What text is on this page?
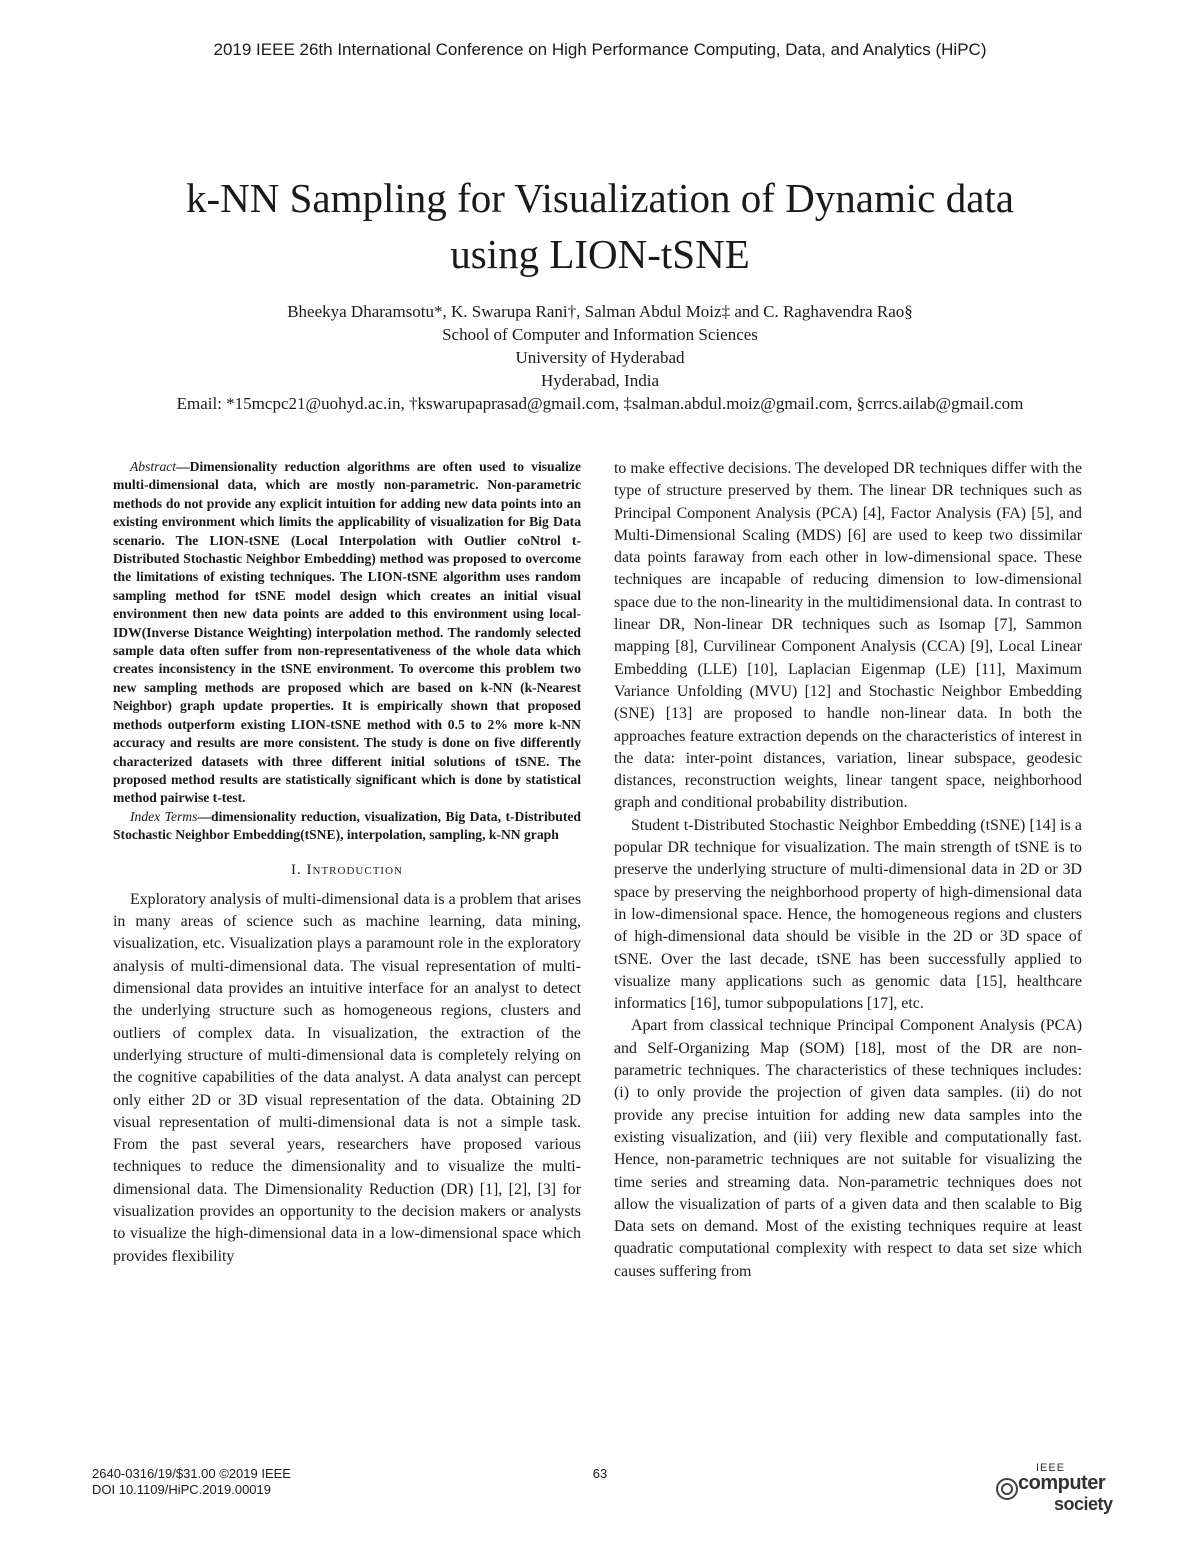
2019 IEEE 26th International Conference on High Performance Computing, Data, and Analytics (HiPC)
k-NN Sampling for Visualization of Dynamic data
using LION-tSNE

Bheekya Dharamsotu*, K. Swarupa Rani†, Salman Abdul Moiz‡ and C. Raghavendra Rao§

School of Computer and Information Sciences

University of Hyderabad

Hyderabad, India

Email: *15mcpc21@uohyd.ac.in, †kswarupaprasad@gmail.com, ‡salman.abdul.moiz@gmail.com, §crrcs.ailab@gmail.com

Abstract—Dimensionality reduction algorithms are often used to visualize multi-dimensional data, which are mostly non-parametric. Non-parametric methods do not provide any explicit intuition for adding new data points into an existing environment which limits the applicability of visualization for Big Data scenario. The LION-tSNE (Local Interpolation with Outlier coNtrol t-Distributed Stochastic Neighbor Embedding) method was proposed to overcome the limitations of existing techniques. The LION-tSNE algorithm uses random sampling method for tSNE model design which creates an initial visual environment then new data points are added to this environment using local-IDW(Inverse Distance Weighting) interpolation method. The randomly selected sample data often suffer from non-representativeness of the whole data which creates inconsistency in the tSNE environment. To overcome this problem two new sampling methods are proposed which are based on k-NN (k-Nearest Neighbor) graph update properties. It is empirically shown that proposed methods outperform existing LION-tSNE method with 0.5 to 2% more k-NN accuracy and results are more consistent. The study is done on five differently characterized datasets with three different initial solutions of tSNE. The proposed method results are statistically significant which is done by statistical method pairwise t-test.

Index Terms—dimensionality reduction, visualization, Big Data, t-Distributed Stochastic Neighbor Embedding(tSNE), interpolation, sampling, k-NN graph

I. Introduction

Exploratory analysis of multi-dimensional data is a problem that arises in many areas of science such as machine learning, data mining, visualization, etc. Visualization plays a paramount role in the exploratory analysis of multi-dimensional data. The visual representation of multi-dimensional data provides an intuitive interface for an analyst to detect the underlying structure such as homogeneous regions, clusters and outliers of complex data. In visualization, the extraction of the underlying structure of multi-dimensional data is completely relying on the cognitive capabilities of the data analyst. A data analyst can percept only either 2D or 3D visual representation of the data. Obtaining 2D visual representation of multi-dimensional data is not a simple task. From the past several years, researchers have proposed various techniques to reduce the dimensionality and to visualize the multi-dimensional data. The Dimensionality Reduction (DR) [1], [2], [3] for visualization provides an opportunity to the decision makers or analysts to visualize the high-dimensional data in a low-dimensional space which provides flexibility

to make effective decisions. The developed DR techniques differ with the type of structure preserved by them. The linear DR techniques such as Principal Component Analysis (PCA) [4], Factor Analysis (FA) [5], and Multi-Dimensional Scaling (MDS) [6] are used to keep two dissimilar data points faraway from each other in low-dimensional space. These techniques are incapable of reducing dimension to low-dimensional space due to the non-linearity in the multidimensional data. In contrast to linear DR, Non-linear DR techniques such as Isomap [7], Sammon mapping [8], Curvilinear Component Analysis (CCA) [9], Local Linear Embedding (LLE) [10], Laplacian Eigenmap (LE) [11], Maximum Variance Unfolding (MVU) [12] and Stochastic Neighbor Embedding (SNE) [13] are proposed to handle non-linear data. In both the approaches feature extraction depends on the characteristics of interest in the data: inter-point distances, variation, linear subspace, geodesic distances, reconstruction weights, linear tangent space, neighborhood graph and conditional probability distribution.

Student t-Distributed Stochastic Neighbor Embedding (tSNE) [14] is a popular DR technique for visualization. The main strength of tSNE is to preserve the underlying structure of multi-dimensional data in 2D or 3D space by preserving the neighborhood property of high-dimensional data in low-dimensional space. Hence, the homogeneous regions and clusters of high-dimensional data should be visible in the 2D or 3D space of tSNE. Over the last decade, tSNE has been successfully applied to visualize many applications such as genomic data [15], healthcare informatics [16], tumor subpopulations [17], etc.

Apart from classical technique Principal Component Analysis (PCA) and Self-Organizing Map (SOM) [18], most of the DR are non-parametric techniques. The characteristics of these techniques includes:(i) to only provide the projection of given data samples. (ii) do not provide any precise intuition for adding new data samples into the existing visualization, and (iii) very flexible and computationally fast. Hence, non-parametric techniques are not suitable for visualizing the time series and streaming data. Non-parametric techniques does not allow the visualization of parts of a given data and then scalable to Big Data sets on demand. Most of the existing techniques require at least quadratic computational complexity with respect to data set size which causes suffering from

2640-0316/19/$31.00 ©2019 IEEE

DOI 10.1109/HiPC.2019.00019

63	IEEE
computer
society
